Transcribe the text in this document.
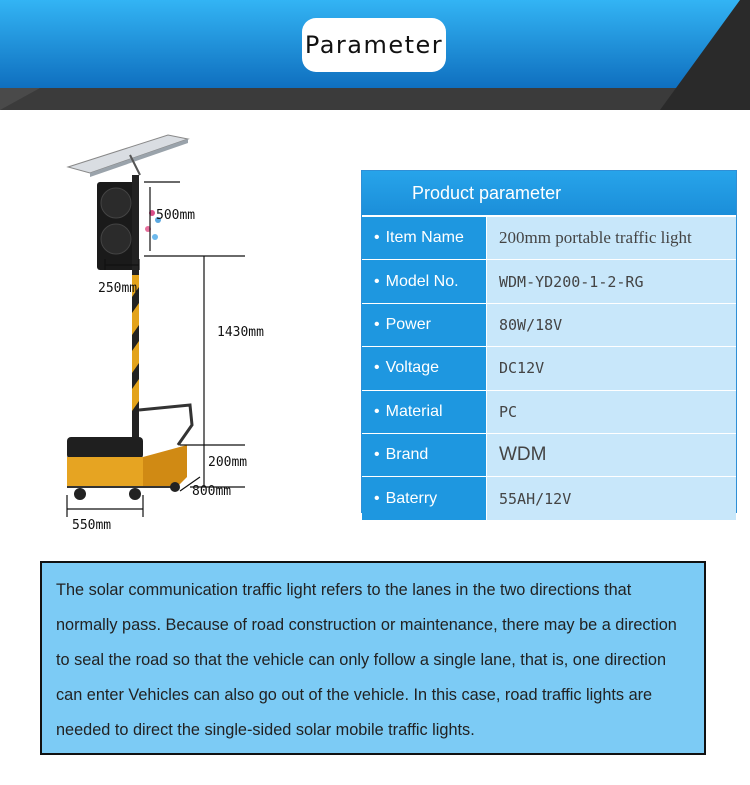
Parameter
500mm
250mm
1430mm
200mm
800mm
550mm
Product parameter
• Item Name	200mm portable traffic light
• Model No.	WDM-YD200-1-2-RG
• Power	80W/18V
• Voltage	DC12V
• Material	PC
• Brand	WDM
• Baterry	55AH/12V
The solar communication traffic light refers to the lanes in the two directions that normally pass. Because of road construction or maintenance, there may be a direction to seal the road so that the vehicle can only follow a single lane, that is, one direction can enter Vehicles can also go out of the vehicle. In this case, road traffic lights are needed to direct the single-sided solar mobile traffic lights.
